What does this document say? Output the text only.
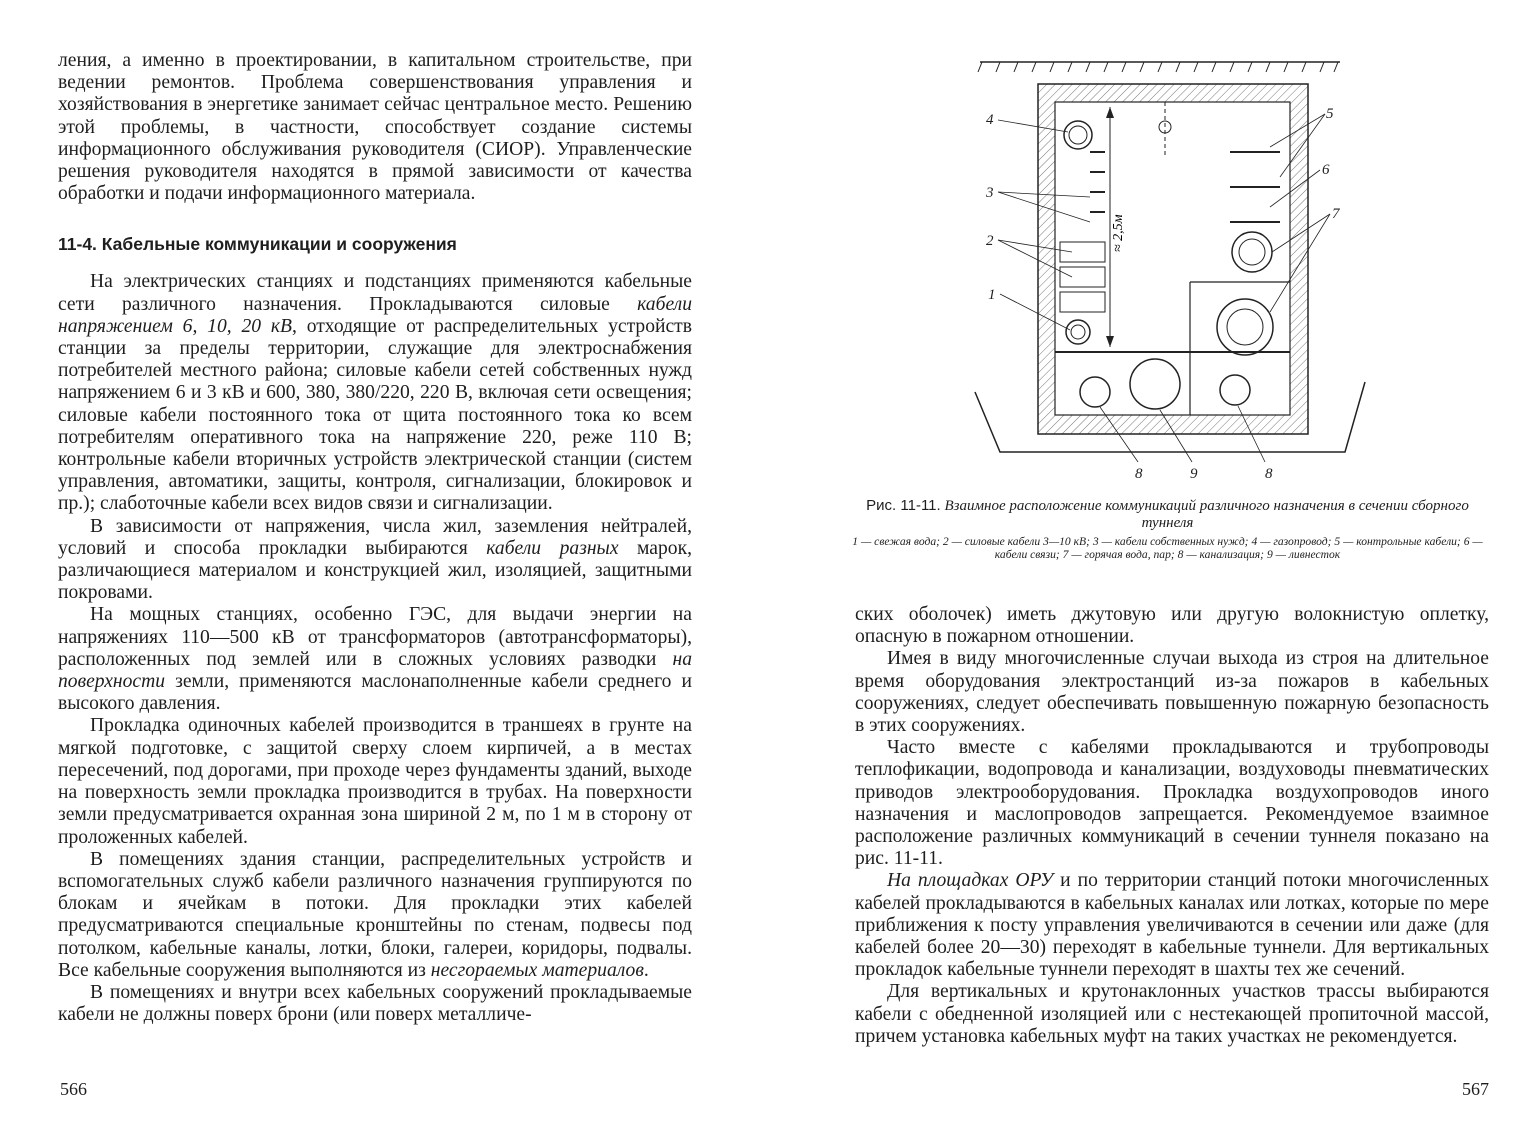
ления, а именно в проектировании, в капитальном строительстве, при ведении ремонтов. Проблема совершенствования управления и хозяйствования в энергетике занимает сейчас центральное место. Решению этой проблемы, в частности, способствует создание системы информационного обслуживания руководителя (СИОР). Управленческие решения руководителя находятся в прямой зависимости от качества обработки и подачи информационного материала.

11-4. Кабельные коммуникации и сооружения

На электрических станциях и подстанциях применяются кабельные сети различного назначения. Прокладываются силовые кабели напряжением 6, 10, 20 кВ, отходящие от распределительных устройств станции за пределы территории, служащие для электроснабжения потребителей местного района; силовые кабели сетей собственных нужд напряжением 6 и 3 кВ и 600, 380, 380/220, 220 В, включая сети освещения; силовые кабели постоянного тока от щита постоянного тока ко всем потребителям оперативного тока на напряжение 220, реже 110 В; контрольные кабели вторичных устройств электрической станции (систем управления, автоматики, защиты, контроля, сигнализации, блокировок и пр.); слаботочные кабели всех видов связи и сигнализации.

В зависимости от напряжения, числа жил, заземления нейтралей, условий и способа прокладки выбираются кабели разных марок, различающиеся материалом и конструкцией жил, изоляцией, защитными покровами.

На мощных станциях, особенно ГЭС, для выдачи энергии на напряжениях 110—500 кВ от трансформаторов (автотрансформаторы), расположенных под землей или в сложных условиях разводки на поверхности земли, применяются маслонаполненные кабели среднего и высокого давления.

Прокладка одиночных кабелей производится в траншеях в грунте на мягкой подготовке, с защитой сверху слоем кирпичей, а в местах пересечений, под дорогами, при проходе через фундаменты зданий, выходе на поверхность земли прокладка производится в трубах. На поверхности земли предусматривается охранная зона шириной 2 м, по 1 м в сторону от проложенных кабелей.

В помещениях здания станции, распределительных устройств и вспомогательных служб кабели различного назначения группируются по блокам и ячейкам в потоки. Для прокладки этих кабелей предусматриваются специальные кронштейны по стенам, подвесы под потолком, кабельные каналы, лотки, блоки, галереи, коридоры, подвалы. Все кабельные сооружения выполняются из несгораемых материалов.

В помещениях и внутри всех кабельных сооружений прокладываемые кабели не должны поверх брони (или поверх металличе-

566
≈ 2,5м
4
3
2
1
5
6
7
8	9	8
Рис. 11-11. Взаимное расположение коммуникаций различного назначения в сечении сборного туннеля
1 — свежая вода; 2 — силовые кабели 3—10 кВ; 3 — кабели собственных нужд; 4 — газопровод; 5 — контрольные кабели; 6 — кабели связи; 7 — горячая вода, пар; 8 — канализация; 9 — ливнесток

ских оболочек) иметь джутовую или другую волокнистую оплетку, опасную в пожарном отношении.

Имея в виду многочисленные случаи выхода из строя на длительное время оборудования электростанций из-за пожаров в кабельных сооружениях, следует обеспечивать повышенную пожарную безопасность в этих сооружениях.

Часто вместе с кабелями прокладываются и трубопроводы теплофикации, водопровода и канализации, воздуховоды пневматических приводов электрооборудования. Прокладка воздухопроводов иного назначения и маслопроводов запрещается. Рекомендуемое взаимное расположение различных коммуникаций в сечении туннеля показано на рис. 11-11.

На площадках ОРУ и по территории станций потоки многочисленных кабелей прокладываются в кабельных каналах или лотках, которые по мере приближения к посту управления увеличиваются в сечении или даже (для кабелей более 20—30) переходят в кабельные туннели. Для вертикальных прокладок кабельные туннели переходят в шахты тех же сечений.

Для вертикальных и крутонаклонных участков трассы выбираются кабели с обедненной изоляцией или с нестекающей пропиточной массой, причем установка кабельных муфт на таких участках не рекомендуется.

567
